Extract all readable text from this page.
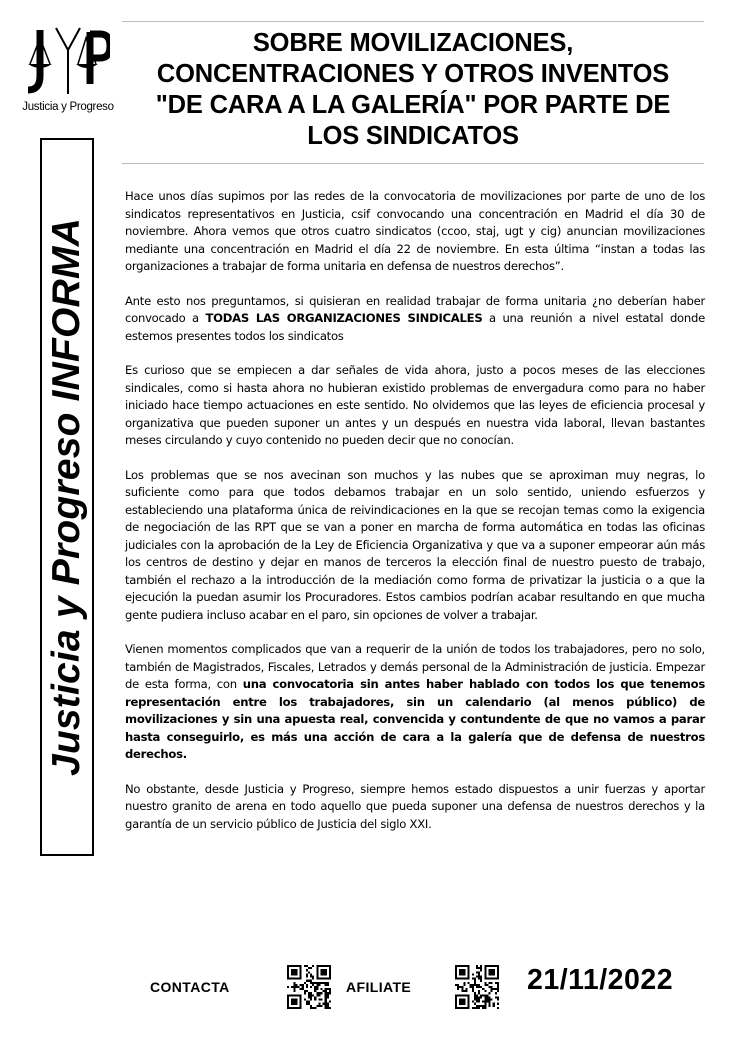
Justicia y Progreso
SOBRE MOVILIZACIONES,
CONCENTRACIONES Y OTROS INVENTOS
"DE CARA A LA GALERÍA" POR PARTE DE
LOS SINDICATOS
Justicia y Progreso INFORMA

Hace unos días supimos por las redes de la convocatoria de movilizaciones por parte de uno de los sindicatos representativos en Justicia, csif convocando una concentración en Madrid el día 30 de noviembre. Ahora vemos que otros cuatro sindicatos (ccoo, staj, ugt y cig) anuncian movilizaciones mediante una concentración en Madrid el día 22 de noviembre. En esta última “instan a todas las organizaciones a trabajar de forma unitaria en defensa de nuestros derechos”.

Ante esto nos preguntamos, si quisieran en realidad trabajar de forma unitaria ¿no deberían haber convocado a TODAS LAS ORGANIZACIONES SINDICALES a una reunión a nivel estatal donde estemos presentes todos los sindicatos

Es curioso que se empiecen a dar señales de vida ahora, justo a pocos meses de las elecciones sindicales, como si hasta ahora no hubieran existido problemas de envergadura como para no haber iniciado hace tiempo actuaciones en este sentido. No olvidemos que las leyes de eficiencia procesal y organizativa que pueden suponer un antes y un después en nuestra vida laboral, llevan bastantes meses circulando y cuyo contenido no pueden decir que no conocían.

Los problemas que se nos avecinan son muchos y las nubes que se aproximan muy negras, lo suficiente como para que todos debamos trabajar en un solo sentido, uniendo esfuerzos y estableciendo una plataforma única de reivindicaciones en la que se recojan temas como la exigencia de negociación de las RPT que se van a poner en marcha de forma automática en todas las oficinas judiciales con la aprobación de la Ley de Eficiencia Organizativa y que va a suponer empeorar aún más los centros de destino y dejar en manos de terceros la elección final de nuestro puesto de trabajo, también el rechazo a la introducción de la mediación como forma de privatizar la justicia o a que la ejecución la puedan asumir los Procuradores. Estos cambios podrían acabar resultando en que mucha gente pudiera incluso acabar en el paro, sin opciones de volver a trabajar.

Vienen momentos complicados que van a requerir de la unión de todos los trabajadores, pero no solo, también de Magistrados, Fiscales, Letrados y demás personal de la Administración de justicia. Empezar de esta forma, con una convocatoria sin antes haber hablado con todos los que tenemos representación entre los trabajadores, sin un calendario (al menos público) de movilizaciones y sin una apuesta real, convencida y contundente de que no vamos a parar hasta conseguirlo, es más una acción de cara a la galería que de defensa de nuestros derechos.

No obstante, desde Justicia y Progreso, siempre hemos estado dispuestos a unir fuerzas y aportar nuestro granito de arena en todo aquello que pueda suponer una defensa de nuestros derechos y la garantía de un servicio público de Justicia del siglo XXI.

CONTACTA	AFILIATE	21/11/2022
